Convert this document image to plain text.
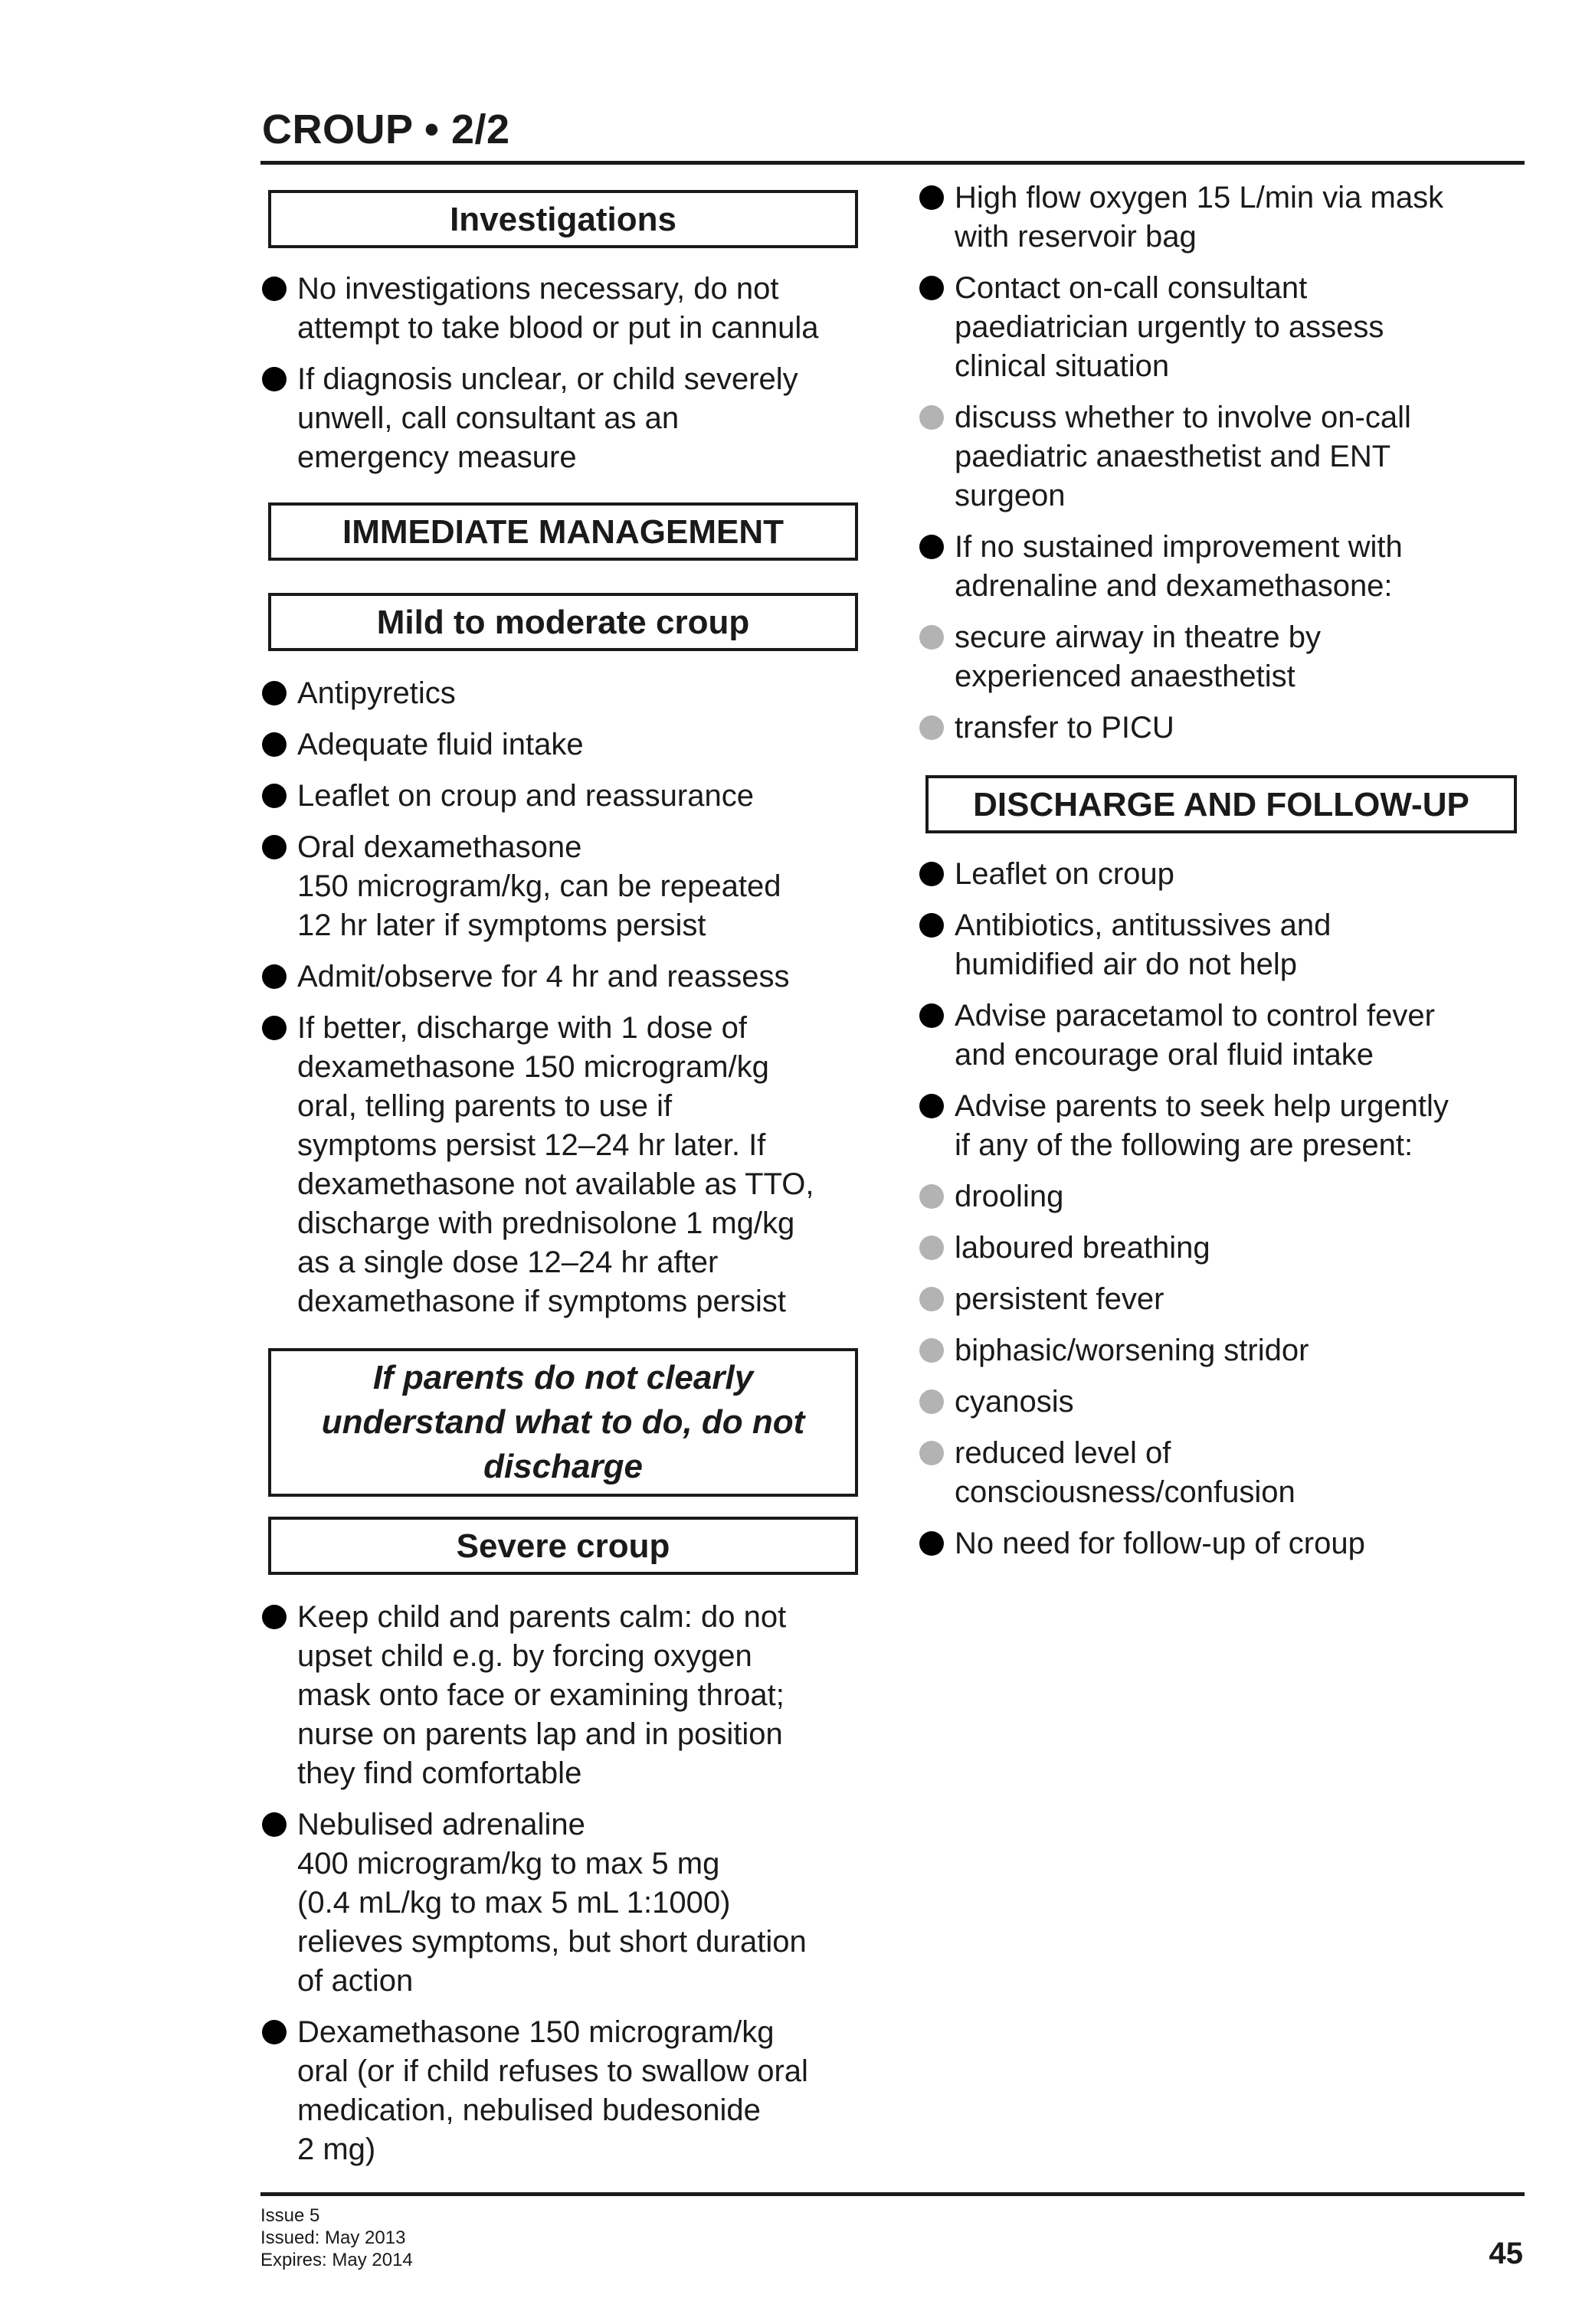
CROUP • 2/2
Investigations
No investigations necessary, do not
attempt to take blood or put in cannula
If diagnosis unclear, or child severely
unwell, call consultant as an
emergency measure
IMMEDIATE MANAGEMENT
Mild to moderate croup
Antipyretics
Adequate fluid intake
Leaflet on croup and reassurance
Oral dexamethasone
150 microgram/kg, can be repeated
12 hr later if symptoms persist
Admit/observe for 4 hr and reassess
If better, discharge with 1 dose of
dexamethasone 150 microgram/kg
oral, telling parents to use if
symptoms persist 12–24 hr later. If
dexamethasone not available as TTO,
discharge with prednisolone 1 mg/kg
as a single dose 12–24 hr after
dexamethasone if symptoms persist
If parents do not clearly
understand what to do, do not
discharge
Severe croup
Keep child and parents calm: do not
upset child e.g. by forcing oxygen
mask onto face or examining throat;
nurse on parents lap and in position
they find comfortable
Nebulised adrenaline
400 microgram/kg to max 5 mg
(0.4 mL/kg to max 5 mL 1:1000)
relieves symptoms, but short duration
of action
Dexamethasone 150 microgram/kg
oral (or if child refuses to swallow oral
medication, nebulised budesonide
2 mg)
High flow oxygen 15 L/min via mask
with reservoir bag
Contact on-call consultant
paediatrician urgently to assess
clinical situation
discuss whether to involve on-call
paediatric anaesthetist and ENT
surgeon
If no sustained improvement with
adrenaline and dexamethasone:
secure airway in theatre by
experienced anaesthetist
transfer to PICU
DISCHARGE AND FOLLOW-UP
Leaflet on croup
Antibiotics, antitussives and
humidified air do not help
Advise paracetamol to control fever
and encourage oral fluid intake
Advise parents to seek help urgently
if any of the following are present:
drooling
laboured breathing
persistent fever
biphasic/worsening stridor
cyanosis
reduced level of
consciousness/confusion
No need for follow-up of croup
Issue 5
Issued: May 2013
Expires: May 2014	45
